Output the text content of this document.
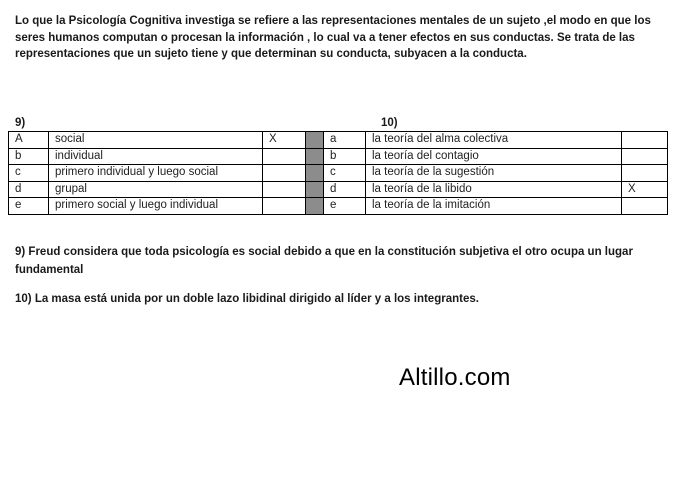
Lo que la Psicología Cognitiva investiga se refiere a las representaciones mentales de un sujeto ,el modo en que los seres humanos computan o procesan la información , lo cual va a tener efectos en sus conductas. Se trata de las representaciones que un sujeto tiene y que determinan su conducta, subyacen a la conducta.
9)	10)
A	social	X		a	la teoría del alma colectiva	
b	individual			b	la teoría del contagio	
c	primero individual y luego social			c	la teoría de la sugestión	
d	grupal			d	la teoría de la libido	X
e	primero social y luego individual			e	la teoría de la imitación	
9) Freud considera que toda psicología es social debido a que en la constitución subjetiva el otro ocupa un lugar fundamental
10) La masa está unida por un doble lazo libidinal dirigido al líder y a los integrantes.
Altillo.com
